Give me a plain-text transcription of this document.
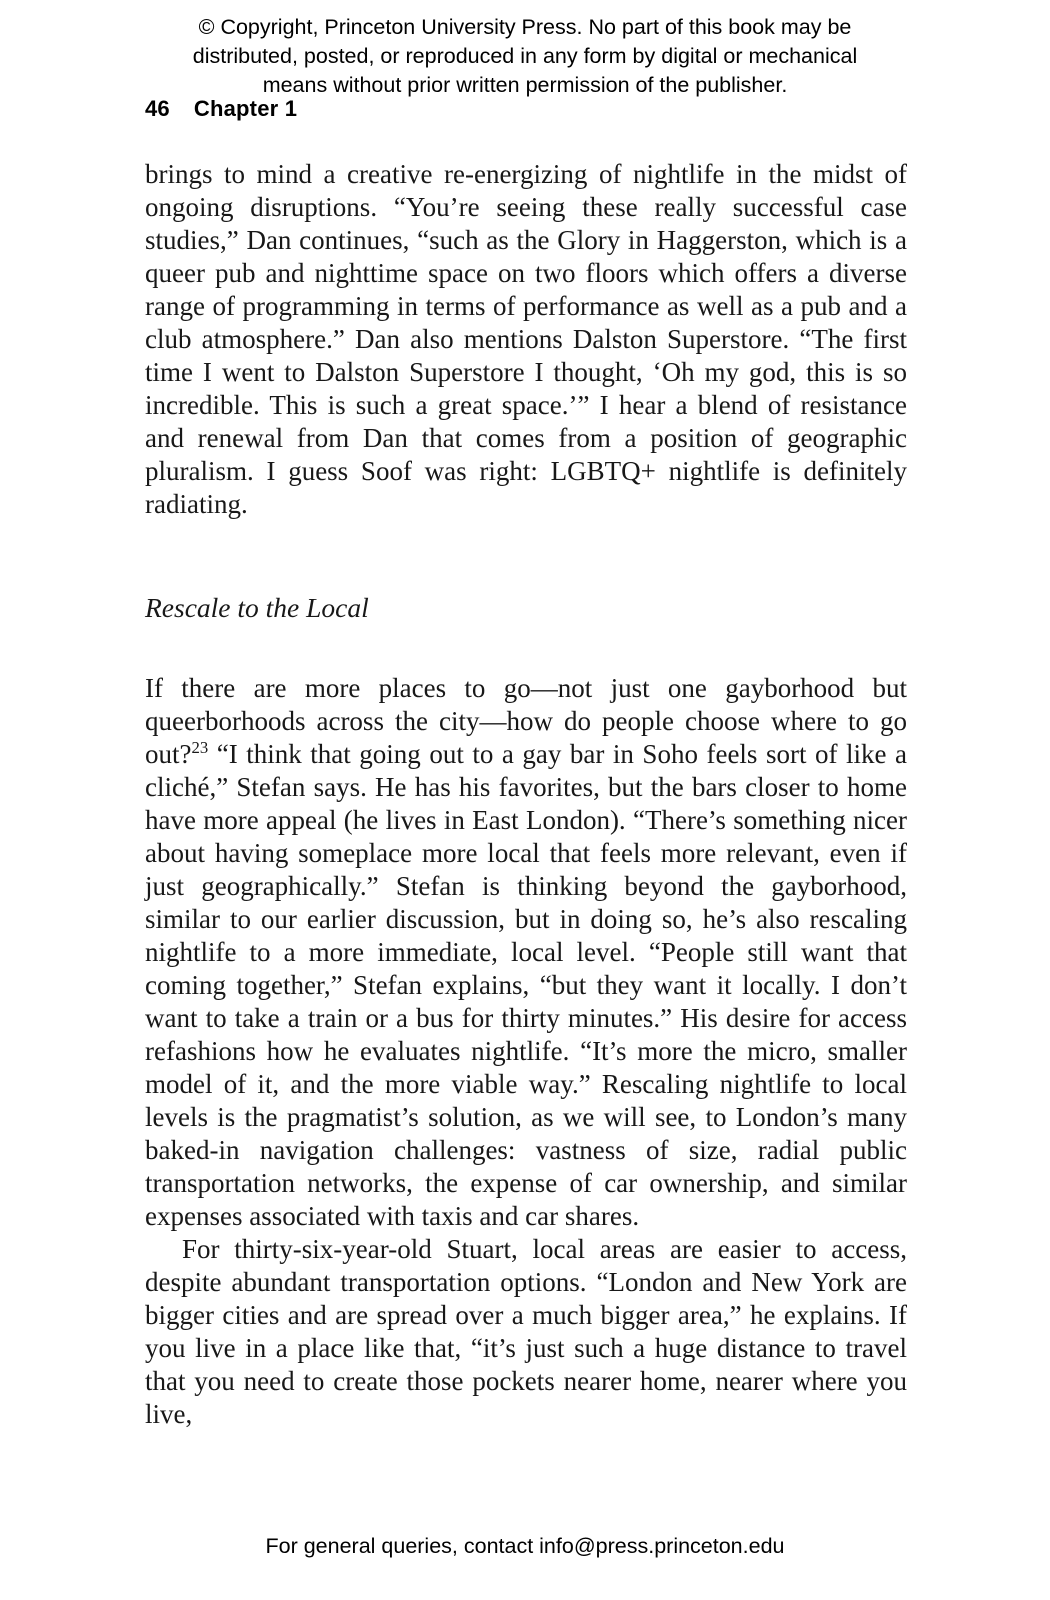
© Copyright, Princeton University Press. No part of this book may be
distributed, posted, or reproduced in any form by digital or mechanical
means without prior written permission of the publisher.
46 Chapter 1

brings to mind a creative re-energizing of nightlife in the midst of ongoing disruptions. “You’re seeing these really successful case studies,” Dan continues, “such as the Glory in Haggerston, which is a queer pub and nighttime space on two floors which offers a diverse range of programming in terms of performance as well as a pub and a club atmosphere.” Dan also mentions Dalston Superstore. “The first time I went to Dalston Superstore I thought, ‘Oh my god, this is so incredible. This is such a great space.’” I hear a blend of resistance and renewal from Dan that comes from a position of geographic pluralism. I guess Soof was right: LGBTQ+ nightlife is definitely radiating.

Rescale to the Local

If there are more places to go—not just one gayborhood but queerborhoods across the city—how do people choose where to go out?$^{23}$ “I think that going out to a gay bar in Soho feels sort of like a cliché,” Stefan says. He has his favorites, but the bars closer to home have more appeal (he lives in East London). “There’s something nicer about having someplace more local that feels more relevant, even if just geographically.” Stefan is thinking beyond the gayborhood, similar to our earlier discussion, but in doing so, he’s also rescaling nightlife to a more immediate, local level. “People still want that coming together,” Stefan explains, “but they want it locally. I don’t want to take a train or a bus for thirty minutes.” His desire for access refashions how he evaluates nightlife. “It’s more the micro, smaller model of it, and the more viable way.” Rescaling nightlife to local levels is the pragmatist’s solution, as we will see, to London’s many baked-in navigation challenges: vastness of size, radial public transportation networks, the expense of car ownership, and similar expenses associated with taxis and car shares.

For thirty-six-year-old Stuart, local areas are easier to access, despite abundant transportation options. “London and New York are bigger cities and are spread over a much bigger area,” he explains. If you live in a place like that, “it’s just such a huge distance to travel that you need to create those pockets nearer home, nearer where you live,

For general queries, contact info@press.princeton.edu
